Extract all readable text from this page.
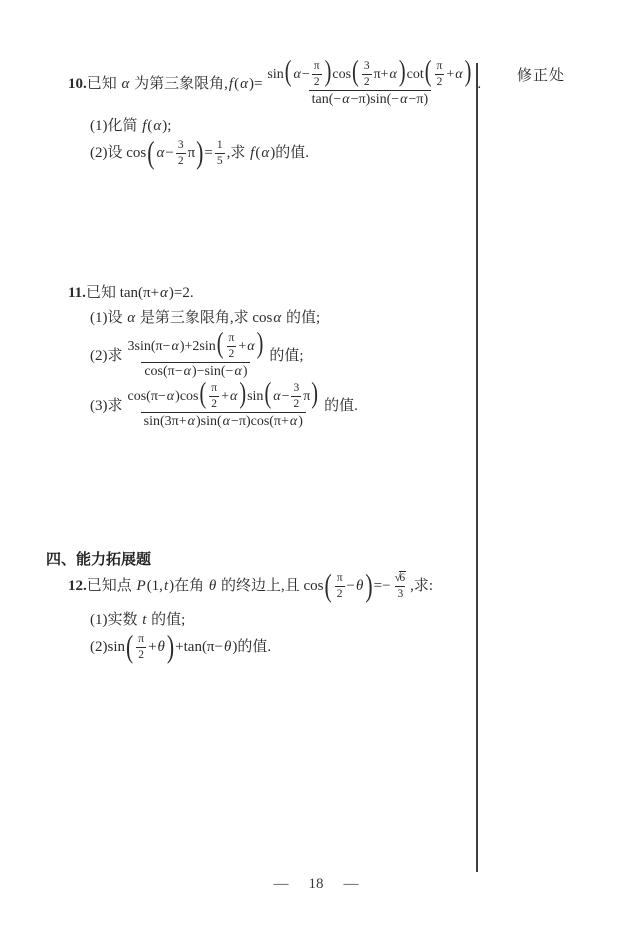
10. 已知 α 为第三象限角, f ( α )= $\frac{\sin( \alpha- \frac{\pi}{2} )\cos( \frac{3}{2} \pi+\alpha)\cot( \frac{\pi}{2} +\alpha)}{\tan(-\alpha-\pi)\sin(-\alpha-\pi)}$ .
(1)化简 f ( α );
(2)设 cos ( $\alpha - \frac{3}{2}$ π ) = $\frac{1}{5}$ ,求 f ( α )的值.
11. 已知 tan(π+ α )=2.
(1)设 α 是第三象限角,求 cos α 的值;
(2)求 $\frac{3\sin(\pi-\alpha)+2\sin( \frac{\pi}{2} +\alpha)}{\cos(\pi-\alpha)-\sin(-\alpha)}$ 的值;
(3)求 $\frac{\cos(\pi-\alpha)\cos( \frac{\pi}{2} +\alpha)\sin( \alpha- \frac{3}{2} \pi)}{\sin(3\pi+\alpha)\sin(\alpha-\pi)\cos(\pi+\alpha)}$ 的值.
四、能力拓展题
12. 已知点 P (1, t )在角 θ 的终边上,且 cos ( $\frac{\pi}{2} - \theta$ ) =− $\frac{√6}{3}$ ,求:
(1)实数 t 的值;
(2)sin ( $\frac{\pi}{2} + \theta$ ) +tan(π− θ )的值.
修正处
— 18 —
